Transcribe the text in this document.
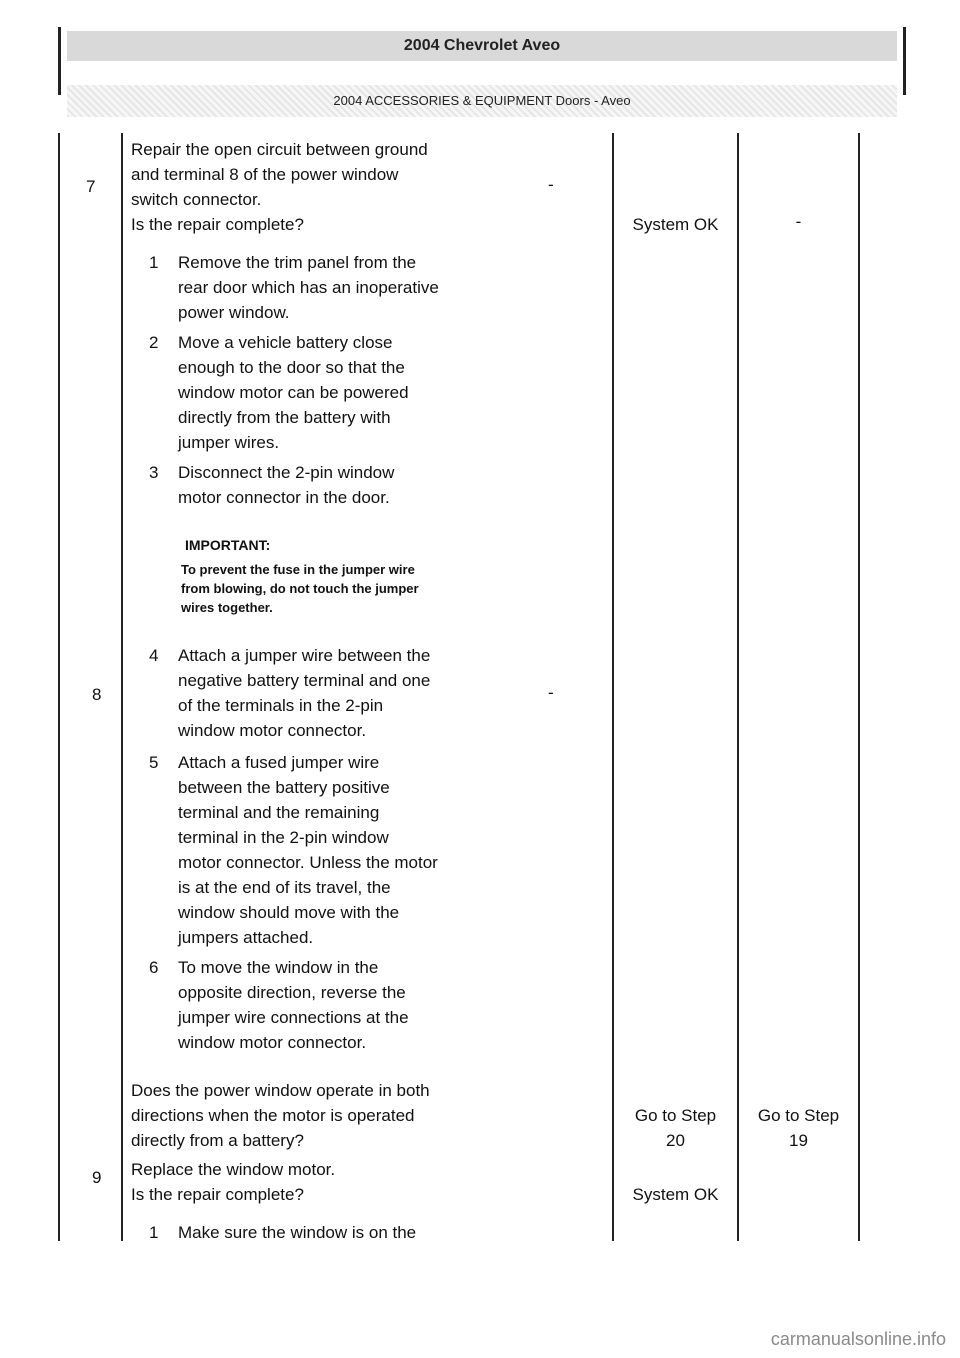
2004 Chevrolet Aveo
2004 ACCESSORIES & EQUIPMENT Doors - Aveo
7
Repair the open circuit between ground
and terminal 8 of the power window
switch connector.
Is the repair complete?
-
System OK	-
8
1 Remove the trim panel from the
rear door which has an inoperative
power window.
2 Move a vehicle battery close
enough to the door so that the
window motor can be powered
directly from the battery with
jumper wires.
3 Disconnect the 2-pin window
motor connector in the door.
IMPORTANT:
To prevent the fuse in the jumper wire
from blowing, do not touch the jumper
wires together.
4 Attach a jumper wire between the
negative battery terminal and one
of the terminals in the 2-pin
window motor connector.
5 Attach a fused jumper wire
between the battery positive
terminal and the remaining
terminal in the 2-pin window
motor connector. Unless the motor
is at the end of its travel, the
window should move with the
jumpers attached.
6 To move the window in the
opposite direction, reverse the
jumper wire connections at the
window motor connector.
Does the power window operate in both
directions when the motor is operated
directly from a battery?
-
Go to Step
20
Go to Step
19
9 Replace the window motor.
Is the repair complete?	System OK
1 Make sure the window is on the
carmanualsonline.info
